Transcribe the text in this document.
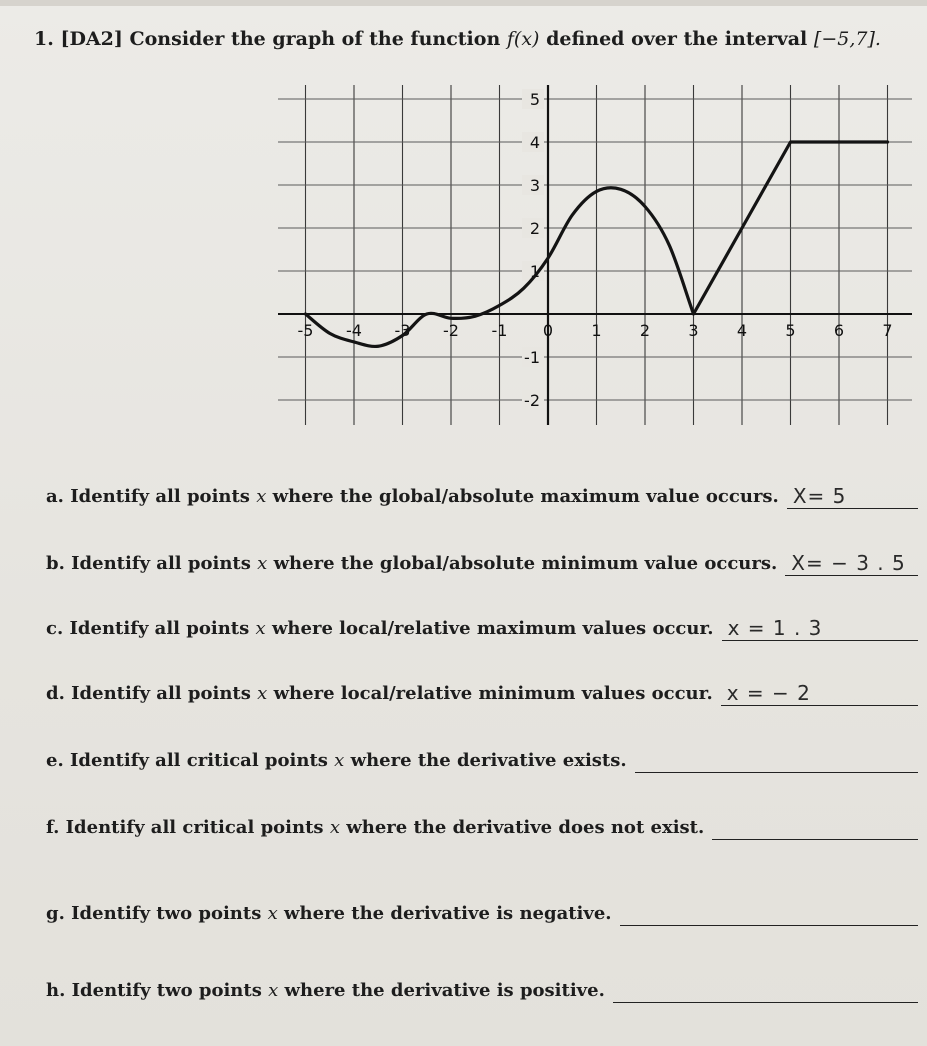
1. [DA2] Consider the graph of the function f(x) defined over the interval [−5,7].
-5 -4 -3 -2 -1 0 1 2 3 4 5 6 7
5
4
3
2
1
-1
-2
a. Identify all points x where the global/absolute maximum value occurs. X= 5
b. Identify all points x where the global/absolute minimum value occurs. X= − 3 . 5
c. Identify all points x where local/relative maximum values occur. x = 1 . 3
d. Identify all points x where local/relative minimum values occur. x = − 2
e. Identify all critical points x where the derivative exists.
f. Identify all critical points x where the derivative does not exist.
g. Identify two points x where the derivative is negative.
h. Identify two points x where the derivative is positive.
